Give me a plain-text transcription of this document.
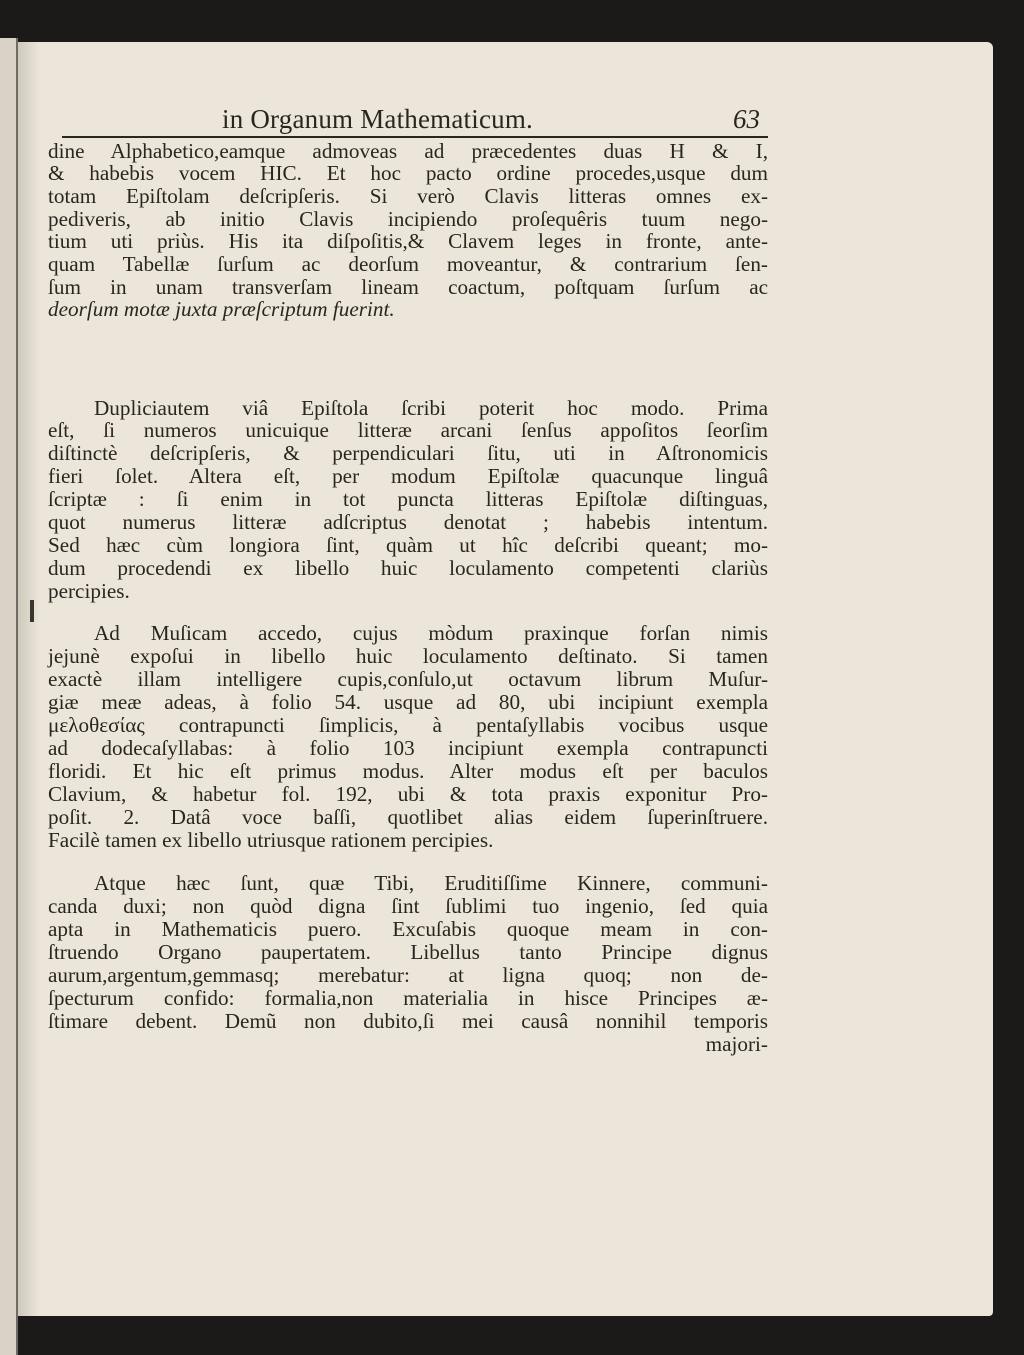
in Organum Mathematicum.	63
dine Alphabetico,eamque admoveas ad præcedentes duas H & I,
& habebis vocem HIC. Et hoc pacto ordine procedes,usque dum
totam Epiſtolam deſcripſeris. Si verò Clavis litteras omnes ex-
pediveris, ab initio Clavis incipiendo proſequêris tuum nego-
tium uti priùs. His ita diſpoſitis,& Clavem leges in fronte, ante-
quam Tabellæ ſurſum ac deorſum moveantur, & contrarium ſen-
ſum in unam transverſam lineam coactum, poſtquam ſurſum ac
deorſum motæ juxta præſcriptum fuerint.
Dupliciautem viâ Epiſtola ſcribi poterit hoc modo. Prima
eſt, ſi numeros unicuique litteræ arcani ſenſus appoſitos ſeorſim
diſtinctè deſcripſeris, & perpendiculari ſitu, uti in Aſtronomicis
fieri ſolet. Altera eſt, per modum Epiſtolæ quacunque linguâ
ſcriptæ : ſi enim in tot puncta litteras Epiſtolæ diſtinguas,
quot numerus litteræ adſcriptus denotat ; habebis intentum.
Sed hæc cùm longiora ſint, quàm ut hîc deſcribi queant; mo-
dum procedendi ex libello huic loculamento competenti clariùs
percipies.
Ad Muſicam accedo, cujus mòdum praxinque forſan nimis
jejunè expoſui in libello huic loculamento deſtinato. Si tamen
exactè illam intelligere cupis,conſulo,ut octavum librum Muſur-
giæ meæ adeas, à folio 54. usque ad 80, ubi incipiunt exempla
μελοθεσίας contrapuncti ſimplicis, à pentaſyllabis vocibus usque
ad dodecaſyllabas: à folio 103 incipiunt exempla contrapuncti
floridi. Et hic eſt primus modus. Alter modus eſt per baculos
Clavium, & habetur fol. 192, ubi & tota praxis exponitur Pro-
poſit. 2. Datâ voce baſſi, quotlibet alias eidem ſuperinſtruere.
Facilè tamen ex libello utriusque rationem percipies.
Atque hæc ſunt, quæ Tibi, Eruditiſſime Kinnere, communi-
canda duxi; non quòd digna ſint ſublimi tuo ingenio, ſed quia
apta in Mathematicis puero. Excuſabis quoque meam in con-
ſtruendo Organo paupertatem. Libellus tanto Principe dignus
aurum,argentum,gemmasq; merebatur: at ligna quoq; non de-
ſpecturum confido: formalia,non materialia in hisce Principes æ-
ſtimare debent. Demũ non dubito,ſi mei causâ nonnihil temporis
majori-
